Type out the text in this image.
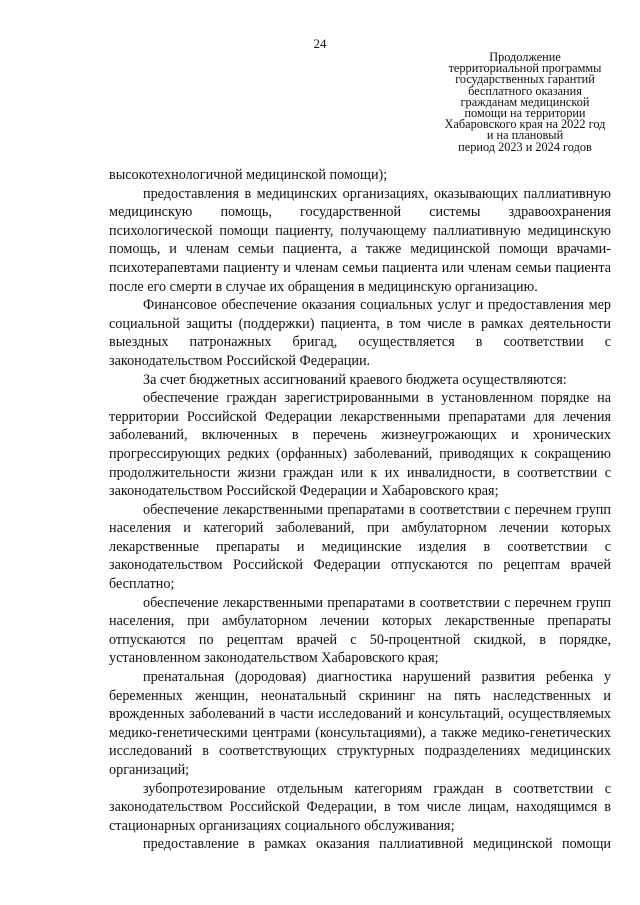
24
Продолжение
территориальной программы
государственных гарантий
бесплатного оказания
гражданам медицинской
помощи на территории
Хабаровского края на 2022 год
и на плановый
период 2023 и 2024 годов

высокотехнологичной медицинской помощи);

предоставления в медицинских организациях, оказывающих паллиативную медицинскую помощь, государственной системы здравоохранения психологической помощи пациенту, получающему паллиативную медицинскую помощь, и членам семьи пациента, а также медицинской помощи врачами-психотерапевтами пациенту и членам семьи пациента или членам семьи пациента после его смерти в случае их обращения в медицинскую организацию.

Финансовое обеспечение оказания социальных услуг и предоставления мер социальной защиты (поддержки) пациента, в том числе в рамках деятельности выездных патронажных бригад, осуществляется в соответствии с законодательством Российской Федерации.

За счет бюджетных ассигнований краевого бюджета осуществляются:

обеспечение граждан зарегистрированными в установленном порядке на территории Российской Федерации лекарственными препаратами для лечения заболеваний, включенных в перечень жизнеугрожающих и хронических прогрессирующих редких (орфанных) заболеваний, приводящих к сокращению продолжительности жизни граждан или к их инвалидности, в соответствии с законодательством Российской Федерации и Хабаровского края;

обеспечение лекарственными препаратами в соответствии с перечнем групп населения и категорий заболеваний, при амбулаторном лечении которых лекарственные препараты и медицинские изделия в соответствии с законодательством Российской Федерации отпускаются по рецептам врачей бесплатно;

обеспечение лекарственными препаратами в соответствии с перечнем групп населения, при амбулаторном лечении которых лекарственные препараты отпускаются по рецептам врачей с 50-процентной скидкой, в порядке, установленном законодательством Хабаровского края;

пренатальная (дородовая) диагностика нарушений развития ребенка у беременных женщин, неонатальный скрининг на пять наследственных и врожденных заболеваний в части исследований и консультаций, осуществляемых медико-генетическими центрами (консультациями), а также медико-генетических исследований в соответствующих структурных подразделениях медицинских организаций;

зубопротезирование отдельным категориям граждан в соответствии с законодательством Российской Федерации, в том числе лицам, находящимся в стационарных организациях социального обслуживания;

предоставление в рамках оказания паллиативной медицинской помощи
